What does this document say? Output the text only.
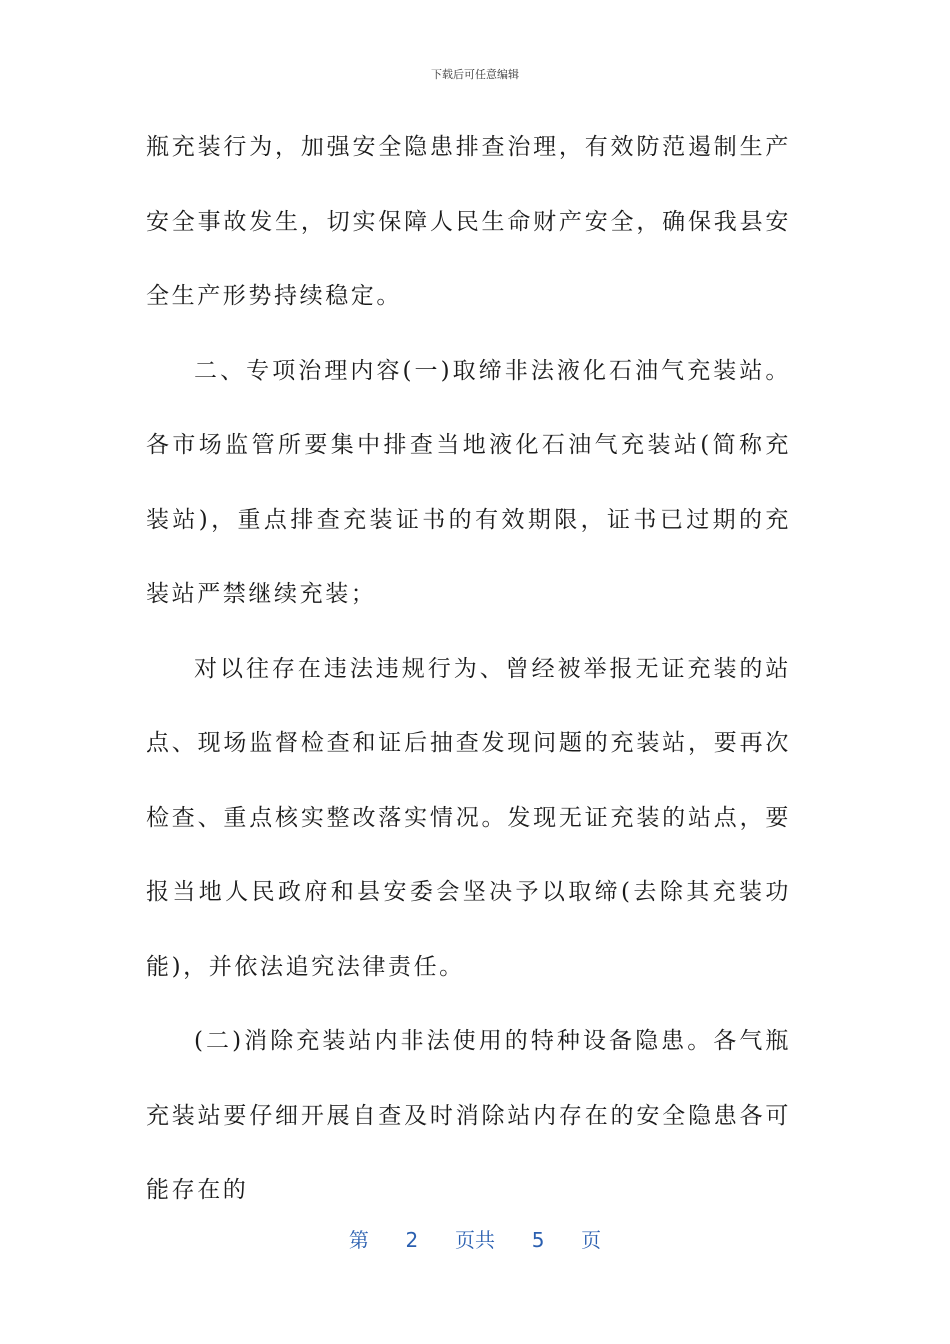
下载后可任意编辑

瓶充装行为，加强安全隐患排查治理，有效防范遏制生产安全事故发生，切实保障人民生命财产安全，确保我县安全生产形势持续稳定。

二、专项治理内容(一)取缔非法液化石油气充装站。各市场监管所要集中排查当地液化石油气充装站(简称充装站)，重点排查充装证书的有效期限，证书已过期的充装站严禁继续充装；

对以往存在违法违规行为、曾经被举报无证充装的站点、现场监督检查和证后抽查发现问题的充装站，要再次检查、重点核实整改落实情况。发现无证充装的站点，要报当地人民政府和县安委会坚决予以取缔(去除其充装功能)，并依法追究法律责任。

(二)消除充装站内非法使用的特种设备隐患。各气瓶充装站要仔细开展自查及时消除站内存在的安全隐患各可能存在的

第 2 页共 5 页
